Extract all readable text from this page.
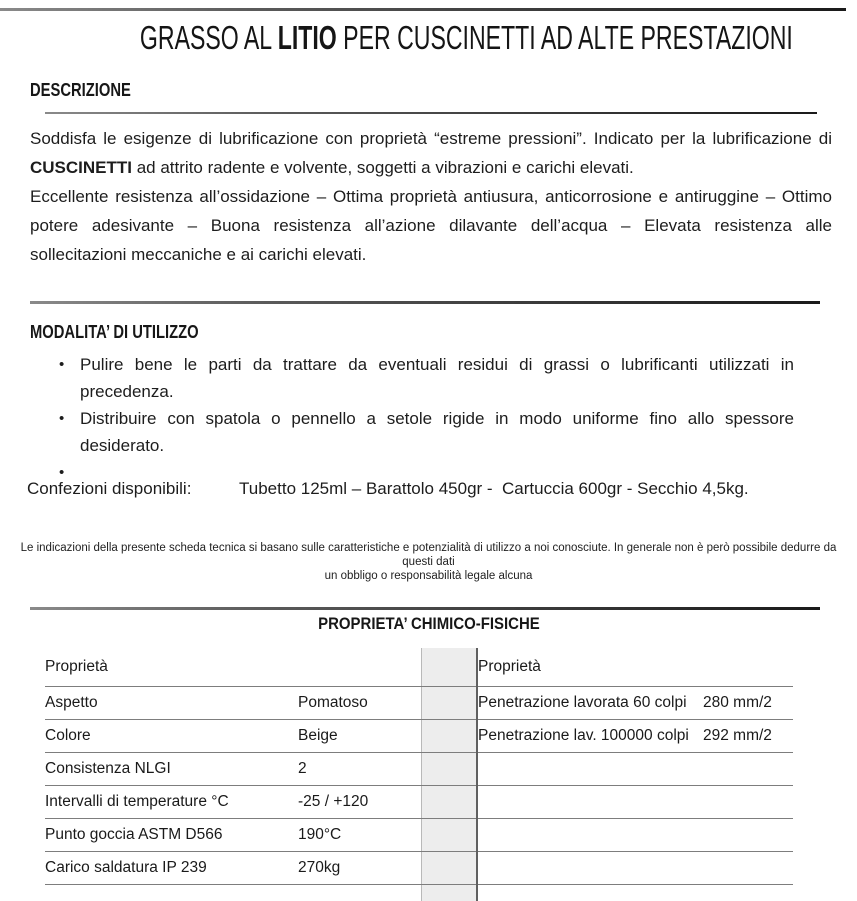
GRASSO AL LITIO PER CUSCINETTI AD ALTE PRESTAZIONI
DESCRIZIONE

Soddisfa le esigenze di lubrificazione con proprietà “estreme pressioni”. Indicato per la lubrificazione di CUSCINETTI ad attrito radente e volvente, soggetti a vibrazioni e carichi elevati.

Eccellente resistenza all’ossidazione – Ottima proprietà antiusura, anticorrosione e antiruggine – Ottimo potere adesivante – Buona resistenza all’azione dilavante dell’acqua – Elevata resistenza alle sollecitazioni meccaniche e ai carichi elevati.

MODALITA’ DI UTILIZZO
• Pulire bene le parti da trattare da eventuali residui di grassi o lubrificanti utilizzati in precedenza.
• Distribuire con spatola o pennello a setole rigide in modo uniforme fino allo spessore desiderato.
•
Confezioni disponibili:	Tubetto 125ml – Barattolo 450gr -  Cartuccia 600gr - Secchio 4,5kg.
Le indicazioni della presente scheda tecnica si basano sulle caratteristiche e potenzialità di utilizzo a noi conosciute. In generale non è però possibile dedurre da questi dati
un obbligo o responsabilità legale alcuna
PROPRIETA’ CHIMICO-FISICHE
Proprietà			Proprietà	
Aspetto	Pomatoso		Penetrazione lavorata 60 colpi	280 mm/2
Colore	Beige		Penetrazione lav. 100000 colpi	292 mm/2
Consistenza NLGI	2			
Intervalli di temperature °C	-25 / +120			
Punto goccia ASTM D566	190°C			
Carico saldatura IP 239	270kg			
